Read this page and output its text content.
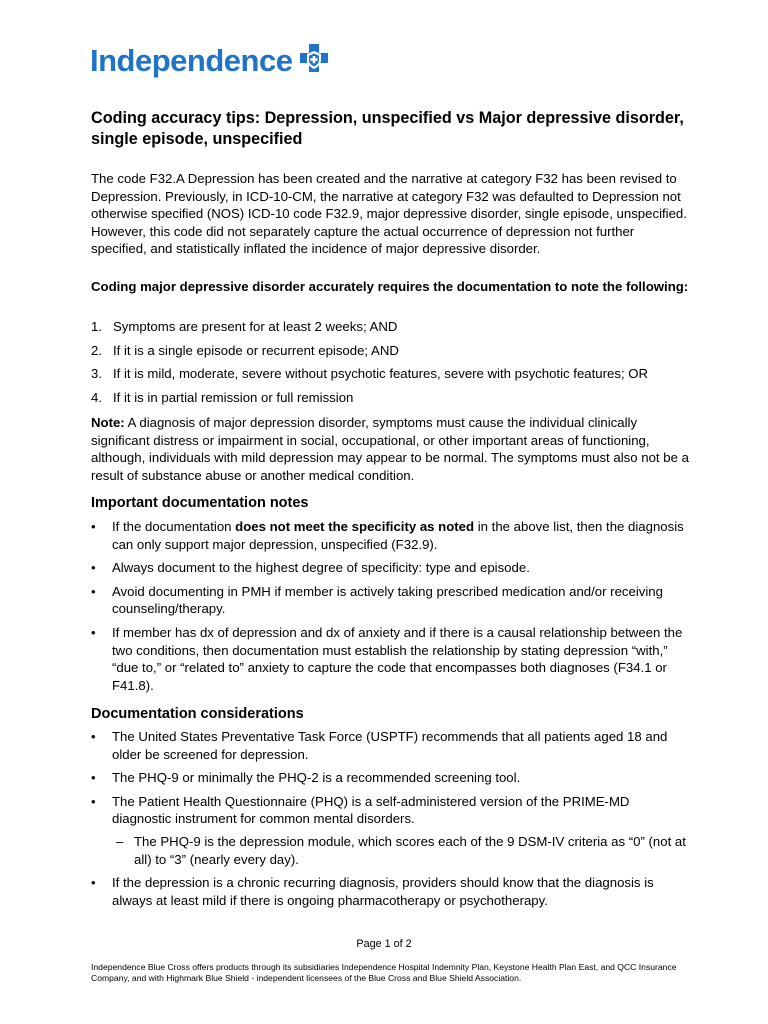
Independence
Coding accuracy tips: Depression, unspecified vs Major depressive disorder, single episode, unspecified

The code F32.A Depression has been created and the narrative at category F32 has been revised to Depression. Previously, in ICD-10-CM, the narrative at category F32 was defaulted to Depression not otherwise specified (NOS) ICD-10 code F32.9, major depressive disorder, single episode, unspecified. However, this code did not separately capture the actual occurrence of depression not further specified, and statistically inflated the incidence of major depressive disorder.

Coding major depressive disorder accurately requires the documentation to note the following:

1. Symptoms are present for at least 2 weeks; AND
2. If it is a single episode or recurrent episode; AND
3. If it is mild, moderate, severe without psychotic features, severe with psychotic features; OR
4. If it is in partial remission or full remission

Note: A diagnosis of major depression disorder, symptoms must cause the individual clinically significant distress or impairment in social, occupational, or other important areas of functioning, although, individuals with mild depression may appear to be normal. The symptoms must also not be a result of substance abuse or another medical condition.

Important documentation notes
• If the documentation does not meet the specificity as noted in the above list, then the diagnosis can only support major depression, unspecified (F32.9).
• Always document to the highest degree of specificity: type and episode.
• Avoid documenting in PMH if member is actively taking prescribed medication and/or receiving counseling/therapy.
• If member has dx of depression and dx of anxiety and if there is a causal relationship between the two conditions, then documentation must establish the relationship by stating depression “with,” “due to,” or “related to” anxiety to capture the code that encompasses both diagnoses (F34.1 or F41.8).
Documentation considerations
• The United States Preventative Task Force (USPTF) recommends that all patients aged 18 and older be screened for depression.
• The PHQ-9 or minimally the PHQ-2 is a recommended screening tool.
• The Patient Health Questionnaire (PHQ) is a self-administered version of the PRIME-MD diagnostic instrument for common mental disorders.
– The PHQ-9 is the depression module, which scores each of the 9 DSM-IV criteria as “0” (not at all) to “3” (nearly every day).
• If the depression is a chronic recurring diagnosis, providers should know that the diagnosis is always at least mild if there is ongoing pharmacotherapy or psychotherapy.

Page 1 of 2

Independence Blue Cross offers products through its subsidiaries Independence Hospital Indemnity Plan, Keystone Health Plan East, and QCC Insurance Company, and with Highmark Blue Shield - independent licensees of the Blue Cross and Blue Shield Association.
